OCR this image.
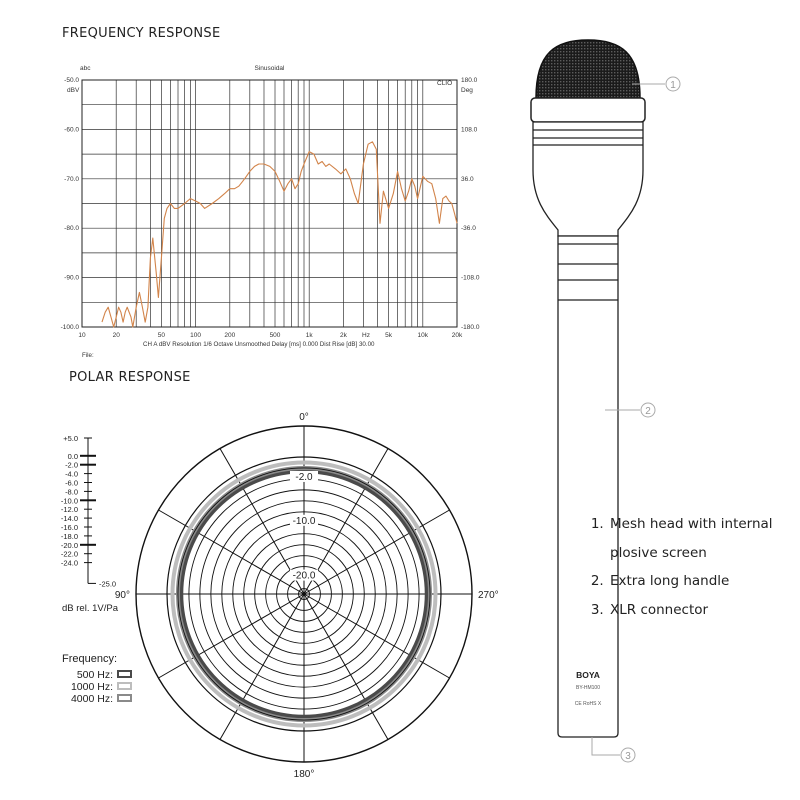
FREQUENCY RESPONSE
10	20	50	100	200	500	1k	2k	5k	10k	20k
-50.0
-60.0
-70.0
-80.0
-90.0
-100.0
180.0
108.0
36.0
-36.0
-108.0
-180.0
abc	Sinusoidal
CLIO
dBV	Deg
Hz
CH A dBV Resolution 1/6 Octave Unsmoothed Delay [ms] 0.000 Dist Rise [dB] 30.00
File:
POLAR RESPONSE
-2.0
-10.0
-20.0
0°
90°
180°
270°
+5.0
0.0
-2.0
-4.0
-6.0
-8.0
-10.0
-12.0
-14.0
-16.0
-18.0
-20.0
-22.0
-24.0
-25.0
dB rel. 1V/Pa
Frequency:
500 Hz:
1000 Hz:
4000 Hz:
1
2
3
BOYA
BY-HM100
CE RoHS X
1. Mesh head with internal
plosive screen
2. Extra long handle
3. XLR connector
